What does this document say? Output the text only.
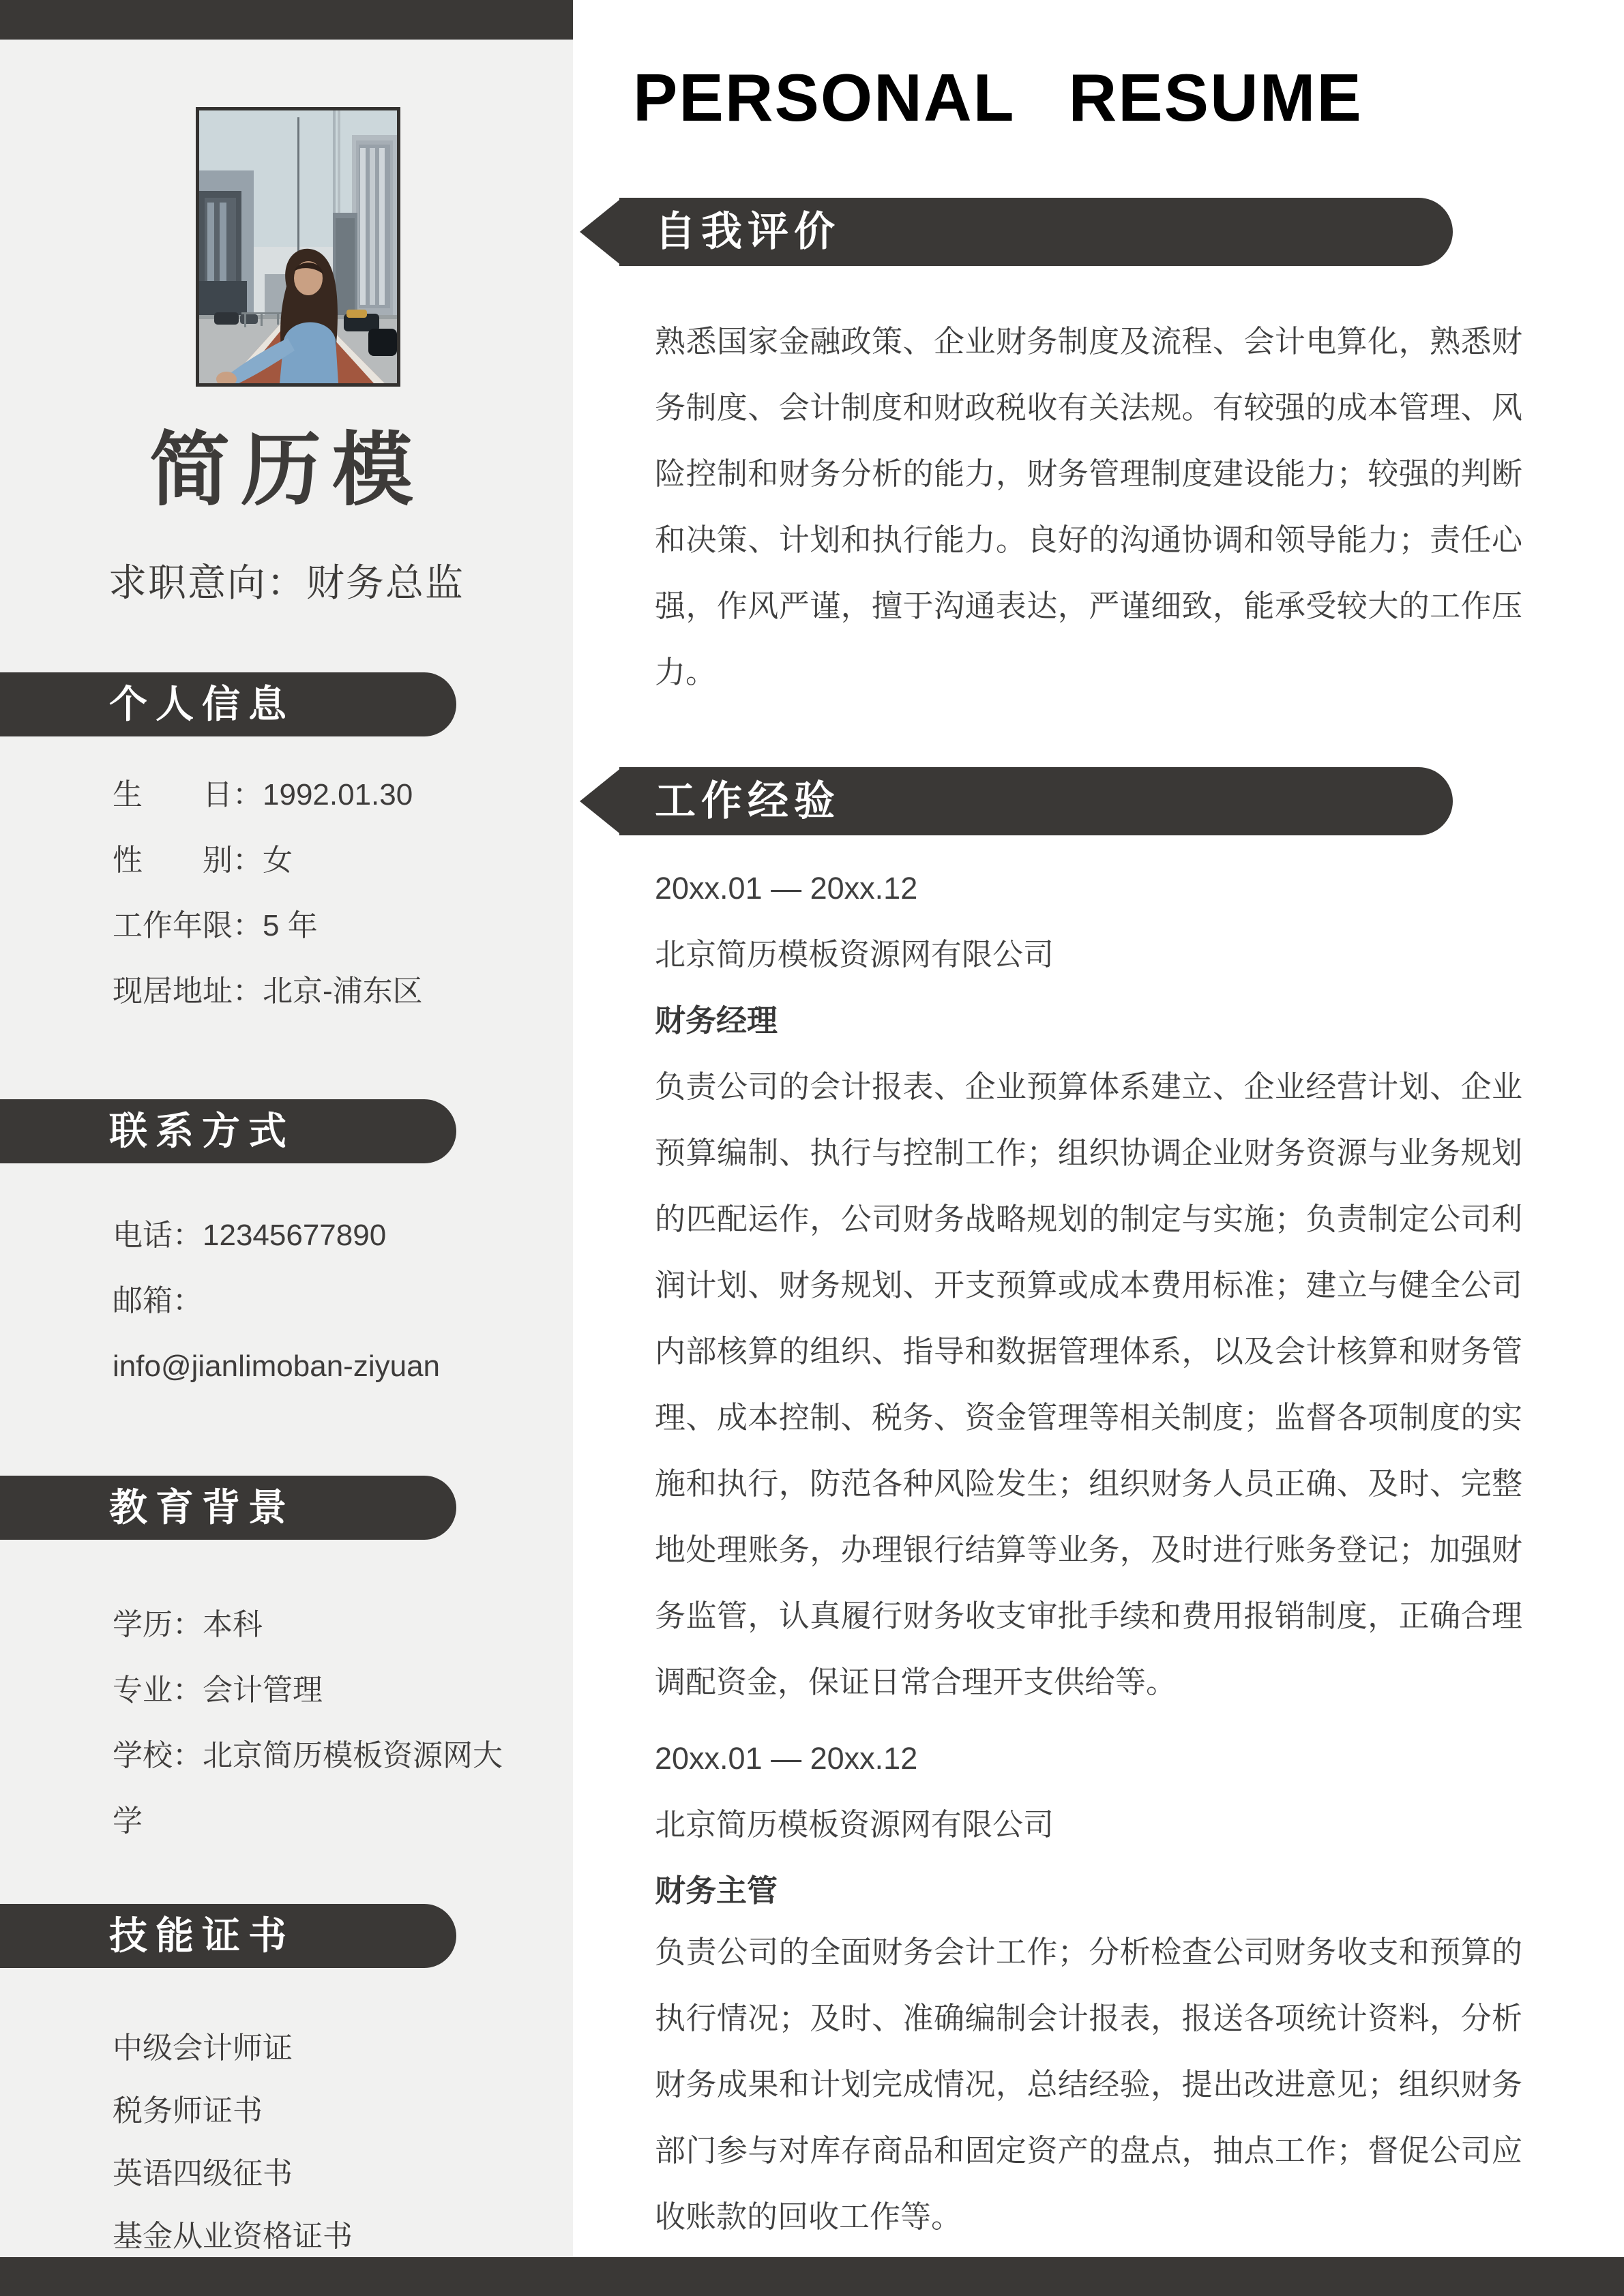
简历模
求职意向：财务总监
个人信息
生　　日：1992.01.30
性　　别：女
工作年限：5 年
现居地址：北京-浦东区
联系方式
电话：12345677890
邮箱：
info@jianlimoban-ziyuan
教育背景
学历：本科
专业：会计管理
学校：北京简历模板资源网大学
技能证书
中级会计师证
税务师证书
英语四级征书
基金从业资格证书
PERSONAL RESUME
自我评价
熟悉国家金融政策、企业财务制度及流程、会计电算化，熟悉财务制度、会计制度和财政税收有关法规。有较强的成本管理、风险控制和财务分析的能力，财务管理制度建设能力；较强的判断和决策、计划和执行能力。良好的沟通协调和领导能力；责任心强，作风严谨，擅于沟通表达，严谨细致，能承受较大的工作压力。
工作经验
20xx.01 — 20xx.12
北京简历模板资源网有限公司
财务经理
负责公司的会计报表、企业预算体系建立、企业经营计划、企业预算编制、执行与控制工作；组织协调企业财务资源与业务规划的匹配运作，公司财务战略规划的制定与实施；负责制定公司利润计划、财务规划、开支预算或成本费用标准；建立与健全公司内部核算的组织、指导和数据管理体系，以及会计核算和财务管理、成本控制、税务、资金管理等相关制度；监督各项制度的实施和执行，防范各种风险发生；组织财务人员正确、及时、完整地处理账务，办理银行结算等业务，及时进行账务登记；加强财务监管，认真履行财务收支审批手续和费用报销制度，正确合理调配资金，保证日常合理开支供给等。
20xx.01 — 20xx.12
北京简历模板资源网有限公司
财务主管
负责公司的全面财务会计工作；分析检查公司财务收支和预算的执行情况；及时、准确编制会计报表，报送各项统计资料，分析财务成果和计划完成情况，总结经验，提出改进意见；组织财务部门参与对库存商品和固定资产的盘点，抽点工作；督促公司应收账款的回收工作等。
